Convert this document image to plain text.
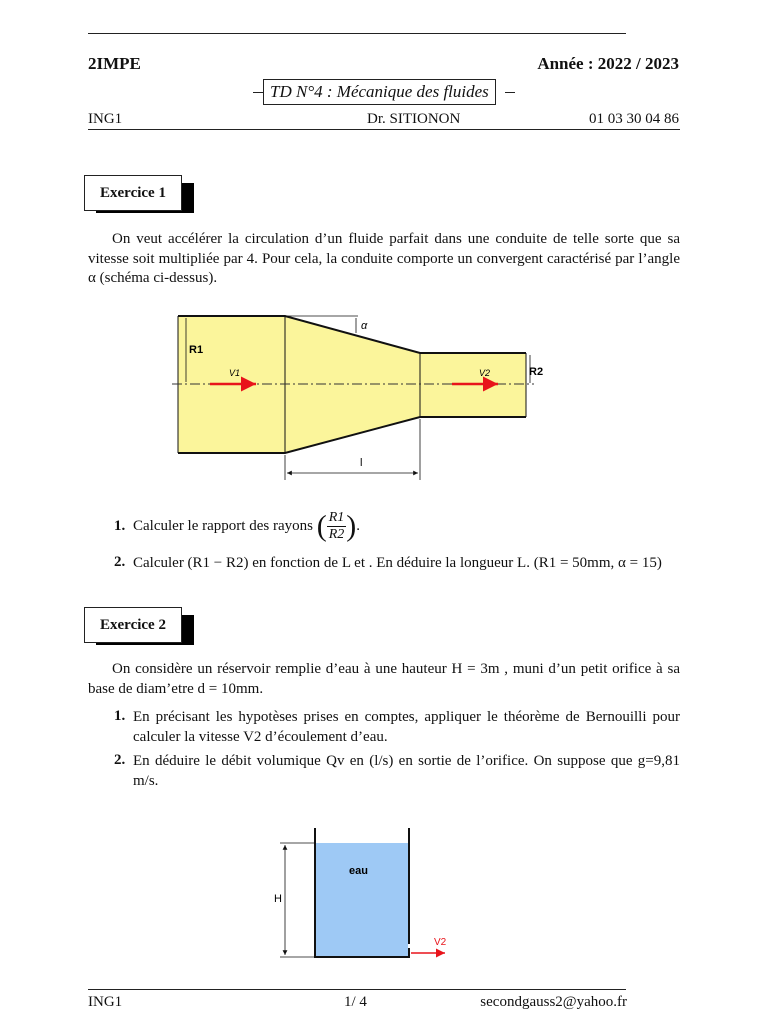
2IMPE	Année : 2022 / 2023
TD N°4 : Mécanique des fluides
ING1	Dr. SITIONON	01 03 30 04 86
Exercice 1
On veut accélérer la circulation d’un fluide parfait dans une conduite de telle sorte que sa vitesse soit multipliée par 4. Pour cela, la conduite comporte un convergent caractérisé par l’angle α (schéma ci-dessus).
R1
R2
α
V1	V2
l
1. Calculer le rapport des rayons ( $\frac{R1}{R2}$ ).
2. Calculer (R1 − R2) en fonction de L et . En déduire la longueur L. (R1 = 50mm, α = 15)
Exercice 2
On considère un réservoir remplie d’eau à une hauteur H = 3m , muni d’un petit orifice à sa base de diam’etre d = 10mm.
1. En précisant les hypotèses prises en comptes, appliquer le théorème de Bernouilli pour calculer la vitesse V2 d’écoulement d’eau.
2. En déduire le débit volumique Qv en (l/s) en sortie de l’orifice. On suppose que g=9,81 m/s.
H
eau
V2
ING1	1/ 4	secondgauss2@yahoo.fr
